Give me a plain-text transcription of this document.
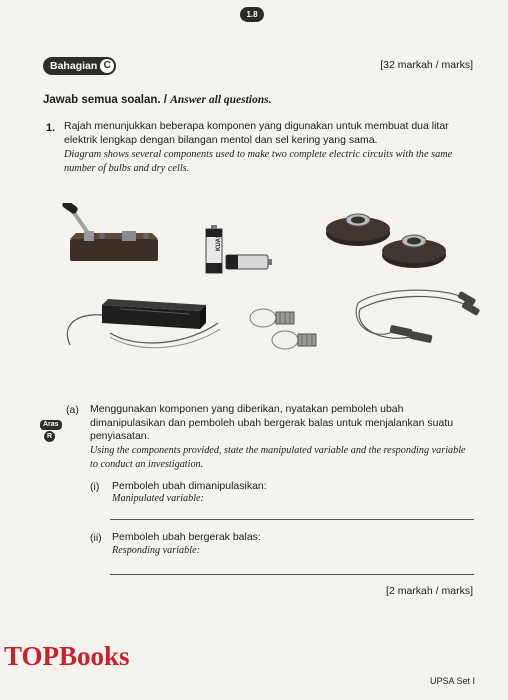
1.8
Bahagian C	[32 markah / marks]
Jawab semua soalan. / Answer all questions.
1. Rajah menunjukkan beberapa komponen yang digunakan untuk membuat dua litar elektrik lengkap dengan bilangan mentol dan sel kering yang sama.
Diagram shows several components used to make two complete electric circuits with the same number of bulbs and dry cells.
KUASA
(a)
Aras
R
Menggunakan komponen yang diberikan, nyatakan pemboleh ubah dimanipulasikan dan pemboleh ubah bergerak balas untuk menjalankan suatu penyiasatan.
Using the components provided, state the manipulated variable and the responding variable to conduct an investigation.
(i) Pemboleh ubah dimanipulasikan:
Manipulated variable:
(ii) Pemboleh ubah bergerak balas:
Responding variable:
[2 markah / marks]
TOPBooks
UPSA Set I
